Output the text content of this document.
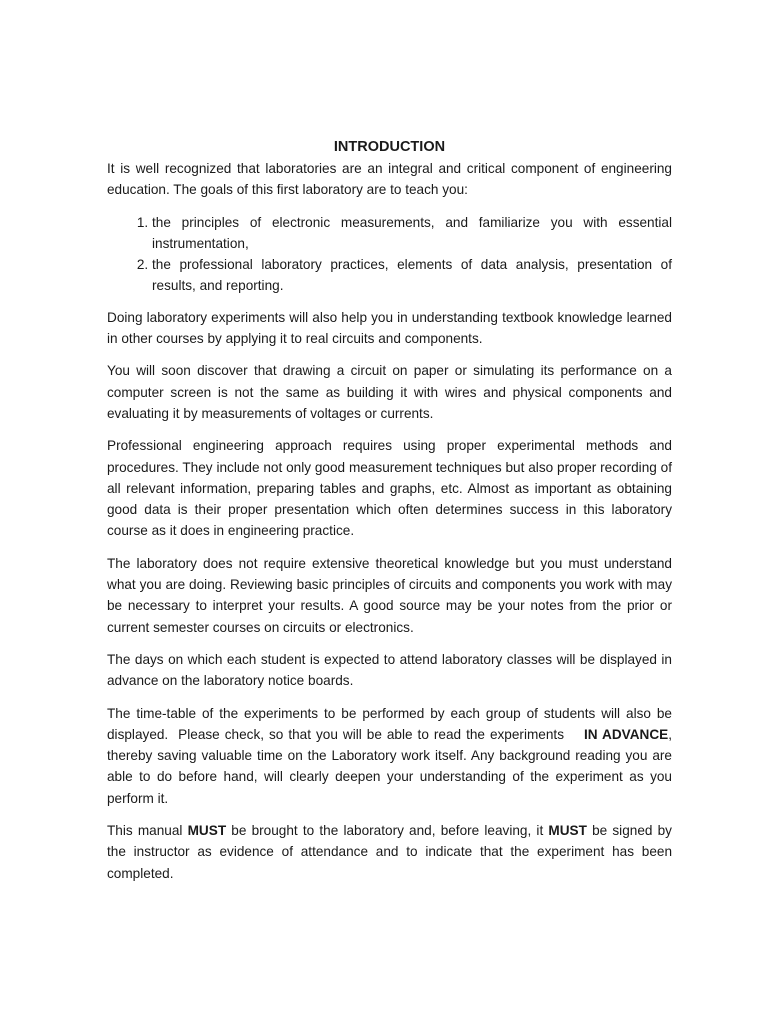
INTRODUCTION

It is well recognized that laboratories are an integral and critical component of engineering education. The goals of this first laboratory are to teach you:

1. the principles of electronic measurements, and familiarize you with essential instrumentation,
2. the professional laboratory practices, elements of data analysis, presentation of results, and reporting.

Doing laboratory experiments will also help you in understanding textbook knowledge learned in other courses by applying it to real circuits and components.

You will soon discover that drawing a circuit on paper or simulating its performance on a computer screen is not the same as building it with wires and physical components and evaluating it by measurements of voltages or currents.

Professional engineering approach requires using proper experimental methods and procedures. They include not only good measurement techniques but also proper recording of all relevant information, preparing tables and graphs, etc. Almost as important as obtaining good data is their proper presentation which often determines success in this laboratory course as it does in engineering practice.

The laboratory does not require extensive theoretical knowledge but you must understand what you are doing. Reviewing basic principles of circuits and components you work with may be necessary to interpret your results. A good source may be your notes from the prior or current semester courses on circuits or electronics.

The days on which each student is expected to attend laboratory classes will be displayed in advance on the laboratory notice boards.

The time-table of the experiments to be performed by each group of students will also be displayed.  Please check, so that you will be able to read the experiments    IN ADVANCE, thereby saving valuable time on the Laboratory work itself. Any background reading you are able to do before hand, will clearly deepen your understanding of the experiment as you perform it.

This manual MUST be brought to the laboratory and, before leaving, it MUST be signed by the instructor as evidence of attendance and to indicate that the experiment has been completed.
